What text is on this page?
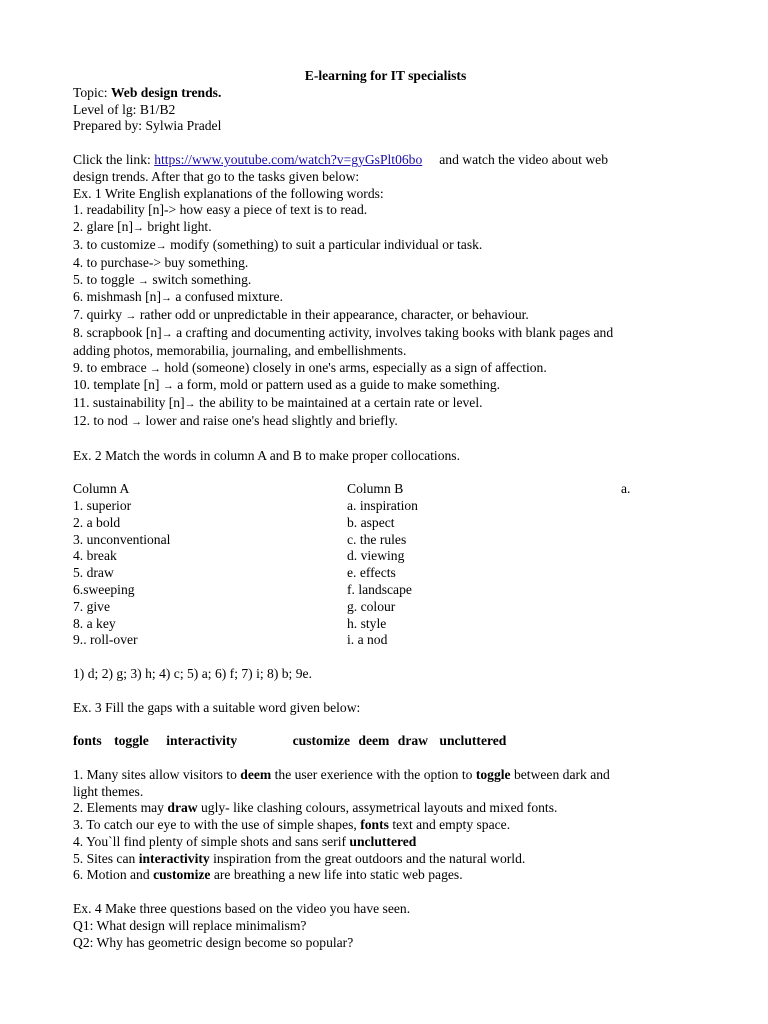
E-learning for IT specialists
Topic: Web design trends.
Level of lg: B1/B2
Prepared by: Sylwia Pradel
Click the link: https://www.youtube.com/watch?v=gyGsPlt06bo     and watch the video about web
design trends. After that go to the tasks given below:
Ex. 1 Write English explanations of the following words:
1. readability [n]-> how easy a piece of text is to read.
2. glare [n]→ bright light.
3. to customize→ modify (something) to suit a particular individual or task.
4. to purchase-> buy something.
5. to toggle → switch something.
6. mishmash [n]→ a confused mixture.
7. quirky → rather odd or unpredictable in their appearance, character, or behaviour.
8. scrapbook [n]→ a crafting and documenting activity, involves taking books with blank pages and
adding photos, memorabilia, journaling, and embellishments.
9. to embrace → hold (someone) closely in one's arms, especially as a sign of affection.
10. template [n] → a form, mold or pattern used as a guide to make something.
11. sustainability [n]→ the ability to be maintained at a certain rate or level.
12. to nod → lower and raise one's head slightly and briefly.
Ex. 2 Match the words in column A and B to make proper collocations.
Column A
1. superior
2. a bold
3. unconventional
4. break
5. draw
6.sweeping
7. give
8. a key
9.. roll-over
Column B
a. inspiration
b. aspect
c. the rules
d. viewing
e. effects
f. landscape
g. colour
h. style
i. a nod
a.
1) d; 2) g; 3) h; 4) c; 5) a; 6) f; 7) i; 8) b; 9e.
Ex. 3 Fill the gaps with a suitable word given below:
fonts toggle interactivity	customize deem draw uncluttered
1. Many sites allow visitors to deem the user exerience with the option to toggle between dark and
light themes.
2. Elements may draw ugly- like clashing colours, assymetrical layouts and mixed fonts.
3. To catch our eye to with the use of simple shapes, fonts text and empty space.
4. You`ll find plenty of simple shots and sans serif uncluttered
5. Sites can interactivity inspiration from the great outdoors and the natural world.
6. Motion and customize are breathing a new life into static web pages.
Ex. 4 Make three questions based on the video you have seen.
Q1: What design will replace minimalism?
Q2: Why has geometric design become so popular?
